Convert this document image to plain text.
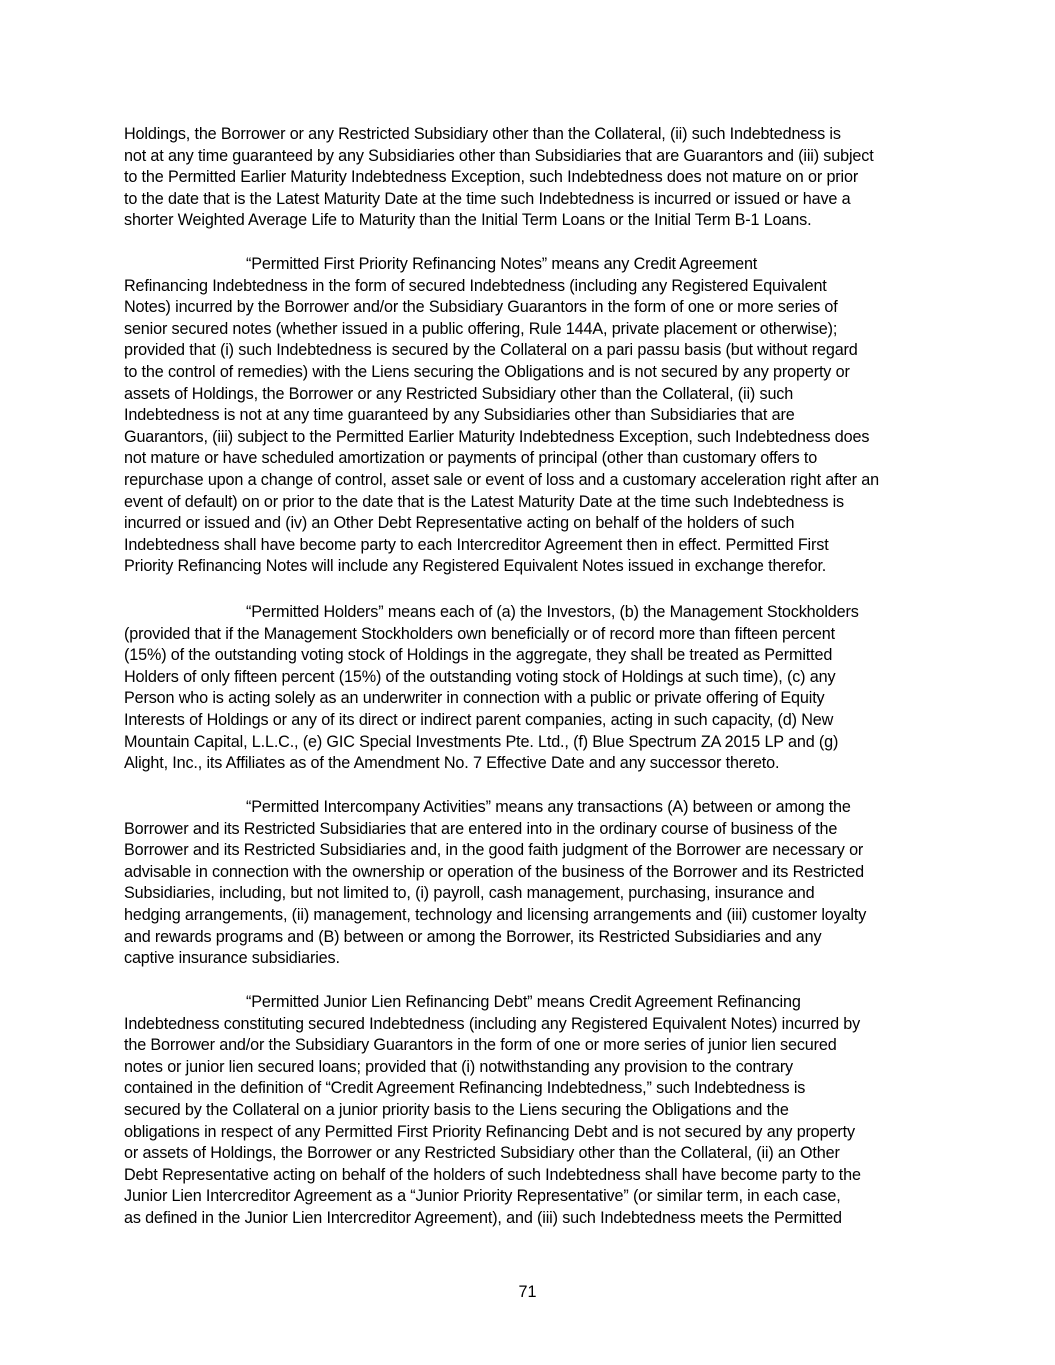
Holdings, the Borrower or any Restricted Subsidiary other than the Collateral, (ii) such Indebtedness is
not at any time guaranteed by any Subsidiaries other than Subsidiaries that are Guarantors and (iii) subject
to the Permitted Earlier Maturity Indebtedness Exception, such Indebtedness does not mature on or prior
to the date that is the Latest Maturity Date at the time such Indebtedness is incurred or issued or have a
shorter Weighted Average Life to Maturity than the Initial Term Loans or the Initial Term B-1 Loans.
“Permitted First Priority Refinancing Notes” means any Credit Agreement
Refinancing Indebtedness in the form of secured Indebtedness (including any Registered Equivalent
Notes) incurred by the Borrower and/or the Subsidiary Guarantors in the form of one or more series of
senior secured notes (whether issued in a public offering, Rule 144A, private placement or otherwise);
provided that (i) such Indebtedness is secured by the Collateral on a pari passu basis (but without regard
to the control of remedies) with the Liens securing the Obligations and is not secured by any property or
assets of Holdings, the Borrower or any Restricted Subsidiary other than the Collateral, (ii) such
Indebtedness is not at any time guaranteed by any Subsidiaries other than Subsidiaries that are
Guarantors, (iii) subject to the Permitted Earlier Maturity Indebtedness Exception, such Indebtedness does
not mature or have scheduled amortization or payments of principal (other than customary offers to
repurchase upon a change of control, asset sale or event of loss and a customary acceleration right after an
event of default) on or prior to the date that is the Latest Maturity Date at the time such Indebtedness is
incurred or issued and (iv) an Other Debt Representative acting on behalf of the holders of such
Indebtedness shall have become party to each Intercreditor Agreement then in effect. Permitted First
Priority Refinancing Notes will include any Registered Equivalent Notes issued in exchange therefor.
“Permitted Holders” means each of (a) the Investors, (b) the Management Stockholders
(provided that if the Management Stockholders own beneficially or of record more than fifteen percent
(15%) of the outstanding voting stock of Holdings in the aggregate, they shall be treated as Permitted
Holders of only fifteen percent (15%) of the outstanding voting stock of Holdings at such time), (c) any
Person who is acting solely as an underwriter in connection with a public or private offering of Equity
Interests of Holdings or any of its direct or indirect parent companies, acting in such capacity, (d) New
Mountain Capital, L.L.C., (e) GIC Special Investments Pte. Ltd., (f) Blue Spectrum ZA 2015 LP and (g)
Alight, Inc., its Affiliates as of the Amendment No. 7 Effective Date and any successor thereto.
“Permitted Intercompany Activities” means any transactions (A) between or among the
Borrower and its Restricted Subsidiaries that are entered into in the ordinary course of business of the
Borrower and its Restricted Subsidiaries and, in the good faith judgment of the Borrower are necessary or
advisable in connection with the ownership or operation of the business of the Borrower and its Restricted
Subsidiaries, including, but not limited to, (i) payroll, cash management, purchasing, insurance and
hedging arrangements, (ii) management, technology and licensing arrangements and (iii) customer loyalty
and rewards programs and (B) between or among the Borrower, its Restricted Subsidiaries and any
captive insurance subsidiaries.
“Permitted Junior Lien Refinancing Debt” means Credit Agreement Refinancing
Indebtedness constituting secured Indebtedness (including any Registered Equivalent Notes) incurred by
the Borrower and/or the Subsidiary Guarantors in the form of one or more series of junior lien secured
notes or junior lien secured loans; provided that (i) notwithstanding any provision to the contrary
contained in the definition of “Credit Agreement Refinancing Indebtedness,” such Indebtedness is
secured by the Collateral on a junior priority basis to the Liens securing the Obligations and the
obligations in respect of any Permitted First Priority Refinancing Debt and is not secured by any property
or assets of Holdings, the Borrower or any Restricted Subsidiary other than the Collateral, (ii) an Other
Debt Representative acting on behalf of the holders of such Indebtedness shall have become party to the
Junior Lien Intercreditor Agreement as a “Junior Priority Representative” (or similar term, in each case,
as defined in the Junior Lien Intercreditor Agreement), and (iii) such Indebtedness meets the Permitted
71
